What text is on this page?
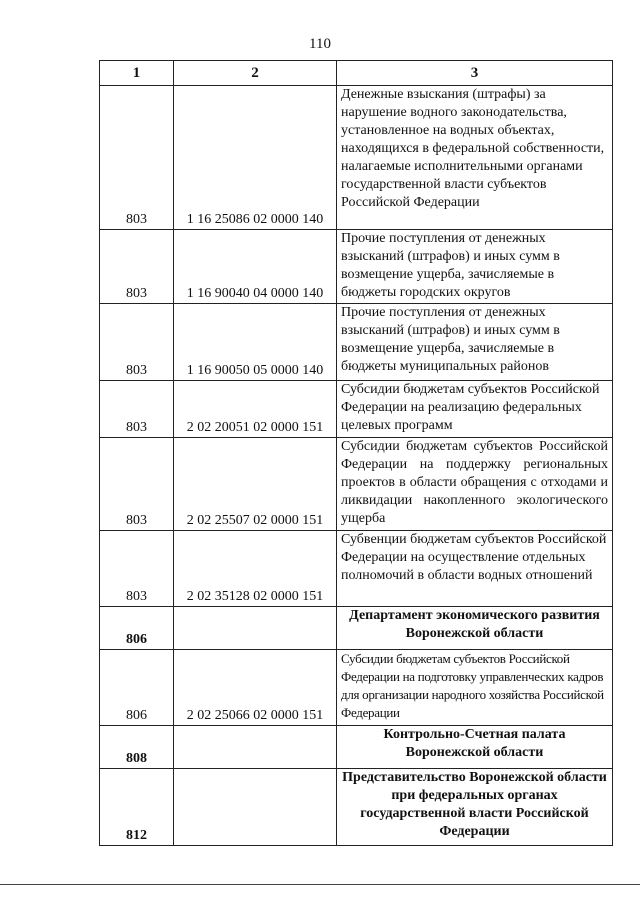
110
1	2	3
803	1 16 25086 02 0000 140	Денежные взыскания (штрафы) за нарушение водного законодательства, установленное на водных объектах, находящихся в федеральной собственности, налагаемые исполнительными органами государственной власти субъектов Российской Федерации
803	1 16 90040 04 0000 140	Прочие поступления от денежных взысканий (штрафов) и иных сумм в возмещение ущерба, зачисляемые в бюджеты городских округов
803	1 16 90050 05 0000 140	Прочие поступления от денежных взысканий (штрафов) и иных сумм в возмещение ущерба, зачисляемые в бюджеты муниципальных районов
803	2 02 20051 02 0000 151	Субсидии бюджетам субъектов Российской Федерации на реализацию федеральных целевых программ
803	2 02 25507 02 0000 151	Субсидии бюджетам субъектов Российской Федерации на поддержку региональных проектов в области обращения с отходами и ликвидации накопленного экологического ущерба
803	2 02 35128 02 0000 151	Субвенции бюджетам субъектов Российской Федерации на осуществление отдельных полномочий в области водных отношений
806		Департамент экономического развития Воронежской области
806	2 02 25066 02 0000 151	Субсидии бюджетам субъектов Российской Федерации на подготовку управленческих кадров для организации народного хозяйства Российской Федерации
808		Контрольно-Счетная палата Воронежской области
812		Представительство Воронежской области при федеральных органах государственной власти Российской Федерации
